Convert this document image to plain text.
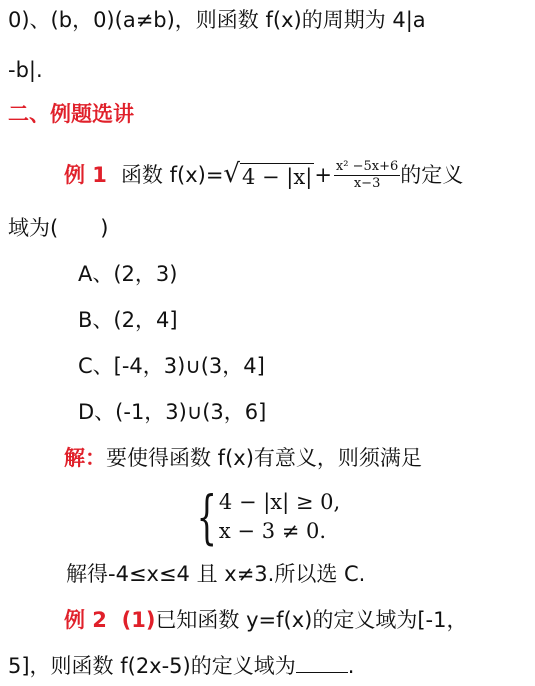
0)、(b，0)(a≠b)，则函数 f(x)的周期为 4|a
-b|.
二、例题选讲
例 1 函数 f(x)= √ $4 - |x| + \frac{\text{x² −5x+6}}{x-3}$ 的定义
域为(　　)
A、(2，3)
B、(2，4]
C、[-4，3)∪(3，4]
D、(-1，3)∪(3，6]
解：要使得函数 f(x)有意义，则须满足
{ 4 − |x| ≥ 0,
x − 3 ≠ 0.
解得-4≤x≤4 且 x≠3.所以选 C.
例 2 (1)已知函数 y=f(x)的定义域为[-1，
5]，则函数 f(2x-5)的定义域为 .
